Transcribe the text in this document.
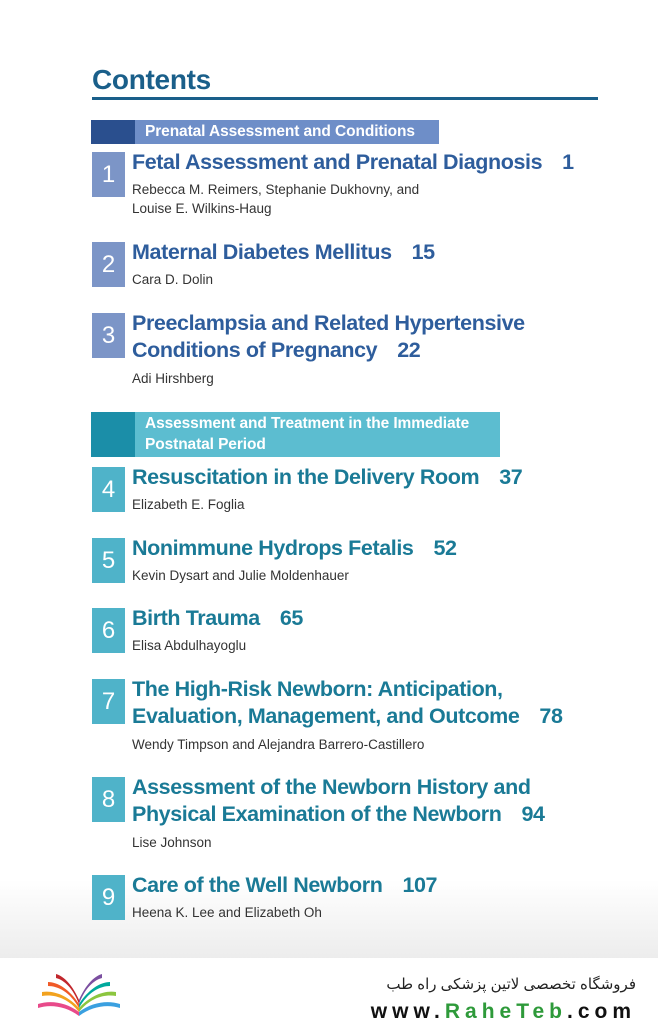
Contents
Prenatal Assessment and Conditions
1 Fetal Assessment and Prenatal Diagnosis 1
Rebecca M. Reimers, Stephanie Dukhovny, and
Louise E. Wilkins-Haug
2 Maternal Diabetes Mellitus 15
Cara D. Dolin
3 Preeclampsia and Related Hypertensive
Conditions of Pregnancy 22
Adi Hirshberg
Assessment and Treatment in the Immediate
Postnatal Period
4 Resuscitation in the Delivery Room 37
Elizabeth E. Foglia
5 Nonimmune Hydrops Fetalis 52
Kevin Dysart and Julie Moldenhauer
6 Birth Trauma 65
Elisa Abdulhayoglu
7 The High-Risk Newborn: Anticipation,
Evaluation, Management, and Outcome 78
Wendy Timpson and Alejandra Barrero-Castillero
8 Assessment of the Newborn History and
Physical Examination of the Newborn 94
Lise Johnson
9 Care of the Well Newborn 107
Heena K. Lee and Elizabeth Oh
فروشگاه تخصصی لاتین پزشکی راه طب
www.RaheTeb.com
